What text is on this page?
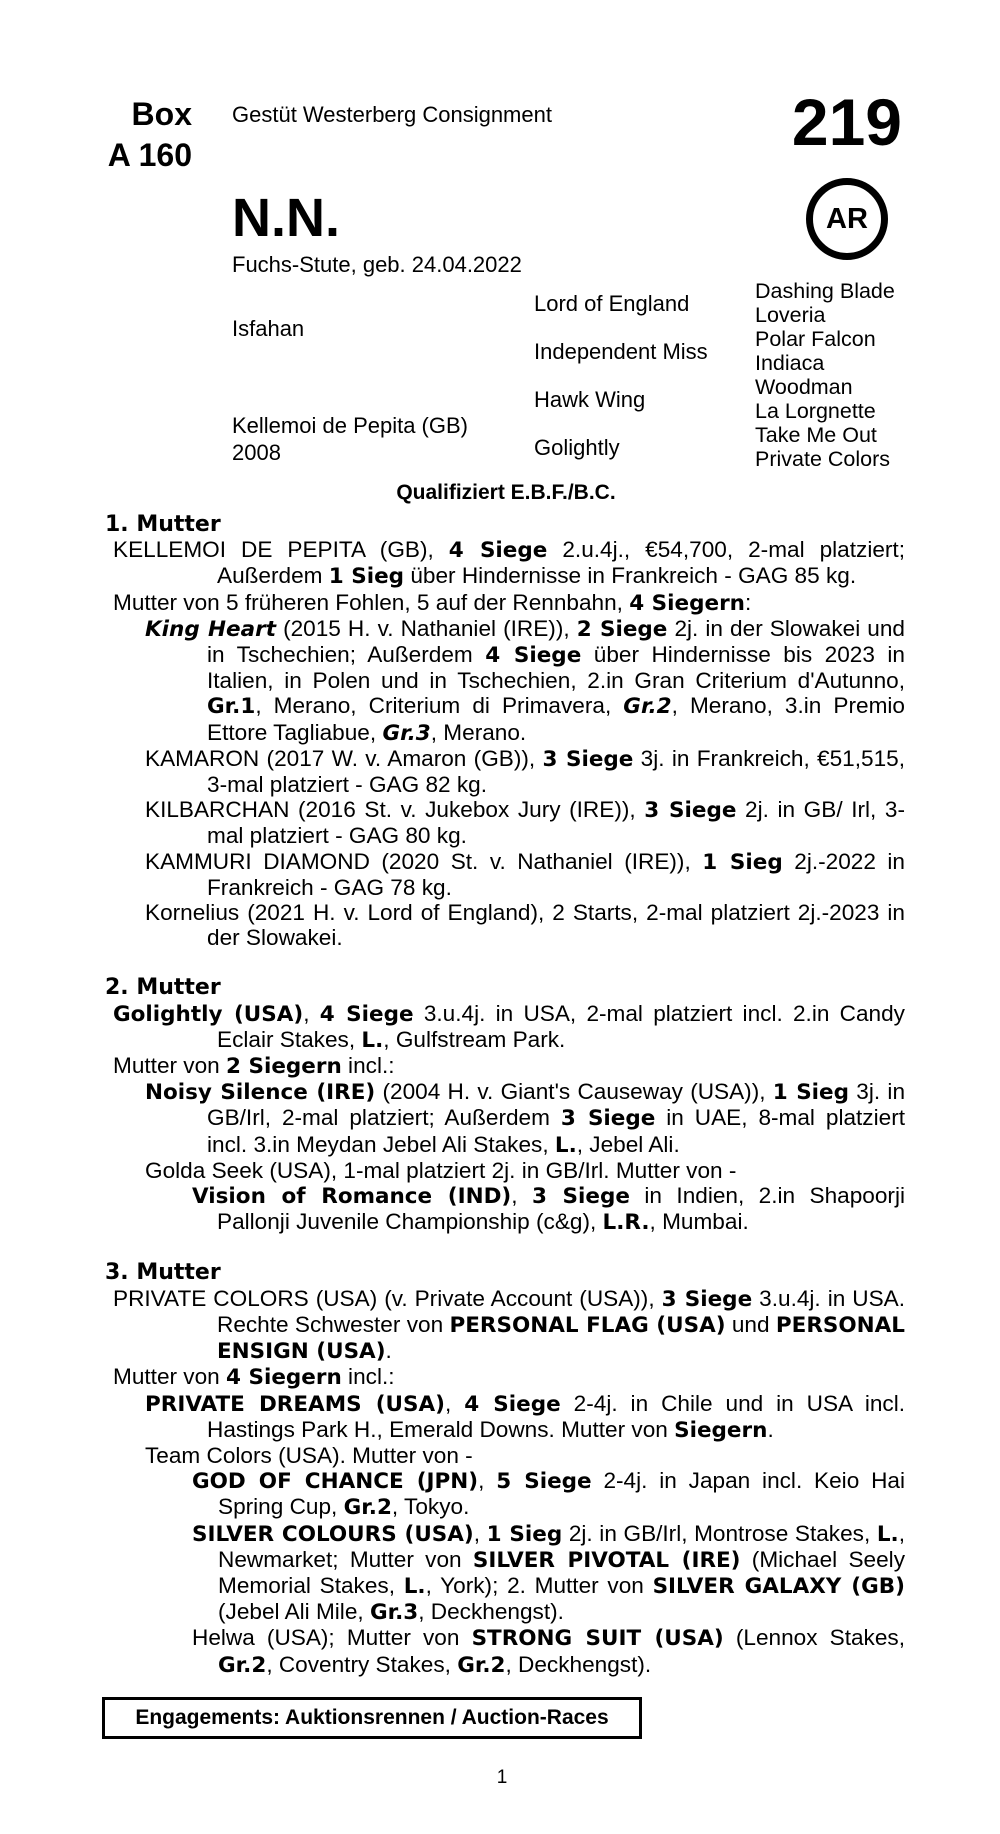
Box
A 160
Gestüt Westerberg Consignment	219
AR
N.N.
Fuchs-Stute, geb. 24.04.2022
Isfahan
Kellemoi de Pepita (GB)
2008
Lord of England
Independent Miss
Hawk Wing
Golightly
Dashing Blade
Loveria
Polar Falcon
Indiaca
Woodman
La Lorgnette
Take Me Out
Private Colors
Qualifiziert E.B.F./B.C.
1. Mutter
KELLEMOI DE PEPITA (GB), 4 Siege 2.u.4j., €54,700, 2-mal platziert; Außerdem 1 Sieg über Hindernisse in Frankreich - GAG 85 kg.
Mutter von 5 früheren Fohlen, 5 auf der Rennbahn, 4 Siegern:
King Heart (2015 H. v. Nathaniel (IRE)), 2 Siege 2j. in der Slowakei und in Tschechien; Außerdem 4 Siege über Hindernisse bis 2023 in Italien, in Polen und in Tschechien, 2.in Gran Criterium d'Autunno, Gr.1, Merano, Criterium di Primavera, Gr.2, Merano, 3.in Premio Ettore Tagliabue, Gr.3, Merano.
KAMARON (2017 W. v. Amaron (GB)), 3 Siege 3j. in Frankreich, €51,515, 3-mal platziert - GAG 82 kg.
KILBARCHAN (2016 St. v. Jukebox Jury (IRE)), 3 Siege 2j. in GB/ Irl, 3-mal platziert - GAG 80 kg.
KAMMURI DIAMOND (2020 St. v. Nathaniel (IRE)), 1 Sieg 2j.-2022 in Frankreich - GAG 78 kg.
Kornelius (2021 H. v. Lord of England), 2 Starts, 2-mal platziert 2j.-2023 in der Slowakei.
2. Mutter
Golightly (USA), 4 Siege 3.u.4j. in USA, 2-mal platziert incl. 2.in Candy Eclair Stakes, L., Gulfstream Park.
Mutter von 2 Siegern incl.:
Noisy Silence (IRE) (2004 H. v. Giant's Causeway (USA)), 1 Sieg 3j. in GB/Irl, 2-mal platziert; Außerdem 3 Siege in UAE, 8-mal platziert incl. 3.in Meydan Jebel Ali Stakes, L., Jebel Ali.
Golda Seek (USA), 1-mal platziert 2j. in GB/Irl. Mutter von -
Vision of Romance (IND), 3 Siege in Indien, 2.in Shapoorji Pallonji Juvenile Championship (c&g), L.R., Mumbai.
3. Mutter
PRIVATE COLORS (USA) (v. Private Account (USA)), 3 Siege 3.u.4j. in USA. Rechte Schwester von PERSONAL FLAG (USA) und PERSONAL ENSIGN (USA).
Mutter von 4 Siegern incl.:
PRIVATE DREAMS (USA), 4 Siege 2-4j. in Chile und in USA incl. Hastings Park H., Emerald Downs. Mutter von Siegern.
Team Colors (USA). Mutter von -
GOD OF CHANCE (JPN), 5 Siege 2-4j. in Japan incl. Keio Hai Spring Cup, Gr.2, Tokyo.
SILVER COLOURS (USA), 1 Sieg 2j. in GB/Irl, Montrose Stakes, L., Newmarket; Mutter von SILVER PIVOTAL (IRE) (Michael Seely Memorial Stakes, L., York); 2. Mutter von SILVER GALAXY (GB) (Jebel Ali Mile, Gr.3, Deckhengst).
Helwa (USA); Mutter von STRONG SUIT (USA) (Lennox Stakes, Gr.2, Coventry Stakes, Gr.2, Deckhengst).
Engagements: Auktionsrennen / Auction-Races
1
